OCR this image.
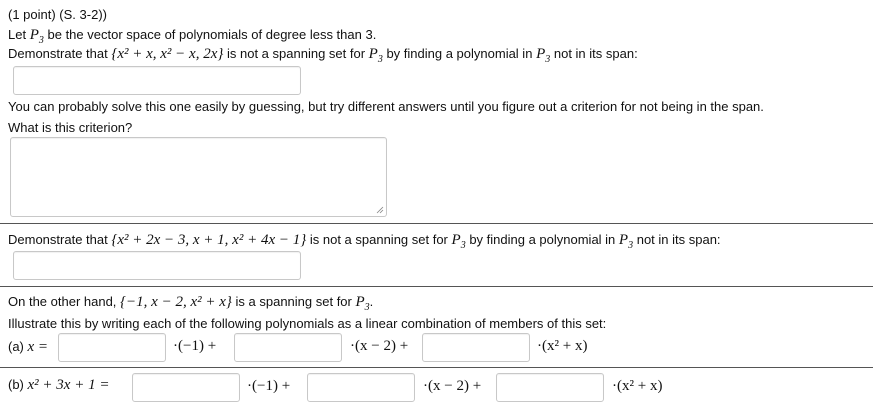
(1 point) (S. 3-2))
Let $P_3$ be the vector space of polynomials of degree less than 3.
Demonstrate that {x² + x, x² − x, 2x} is not a spanning set for $P_3$ by finding a polynomial in $P_3$ not in its span:
You can probably solve this one easily by guessing, but try different answers until you figure out a criterion for not being in the span.
What is this criterion?
Demonstrate that {x² + 2x − 3, x + 1, x² + 4x − 1} is not a spanning set for $P_3$ by finding a polynomial in $P_3$ not in its span:
On the other hand, {−1, x − 2, x² + x} is a spanning set for $P_3$.
Illustrate this by writing each of the following polynomials as a linear combination of members of this set:
(a) x =	·(−1) +	·(x − 2) +	·(x² + x)
(b) x² + 3x + 1 =	·(−1) +	·(x − 2) +	·(x² + x)
